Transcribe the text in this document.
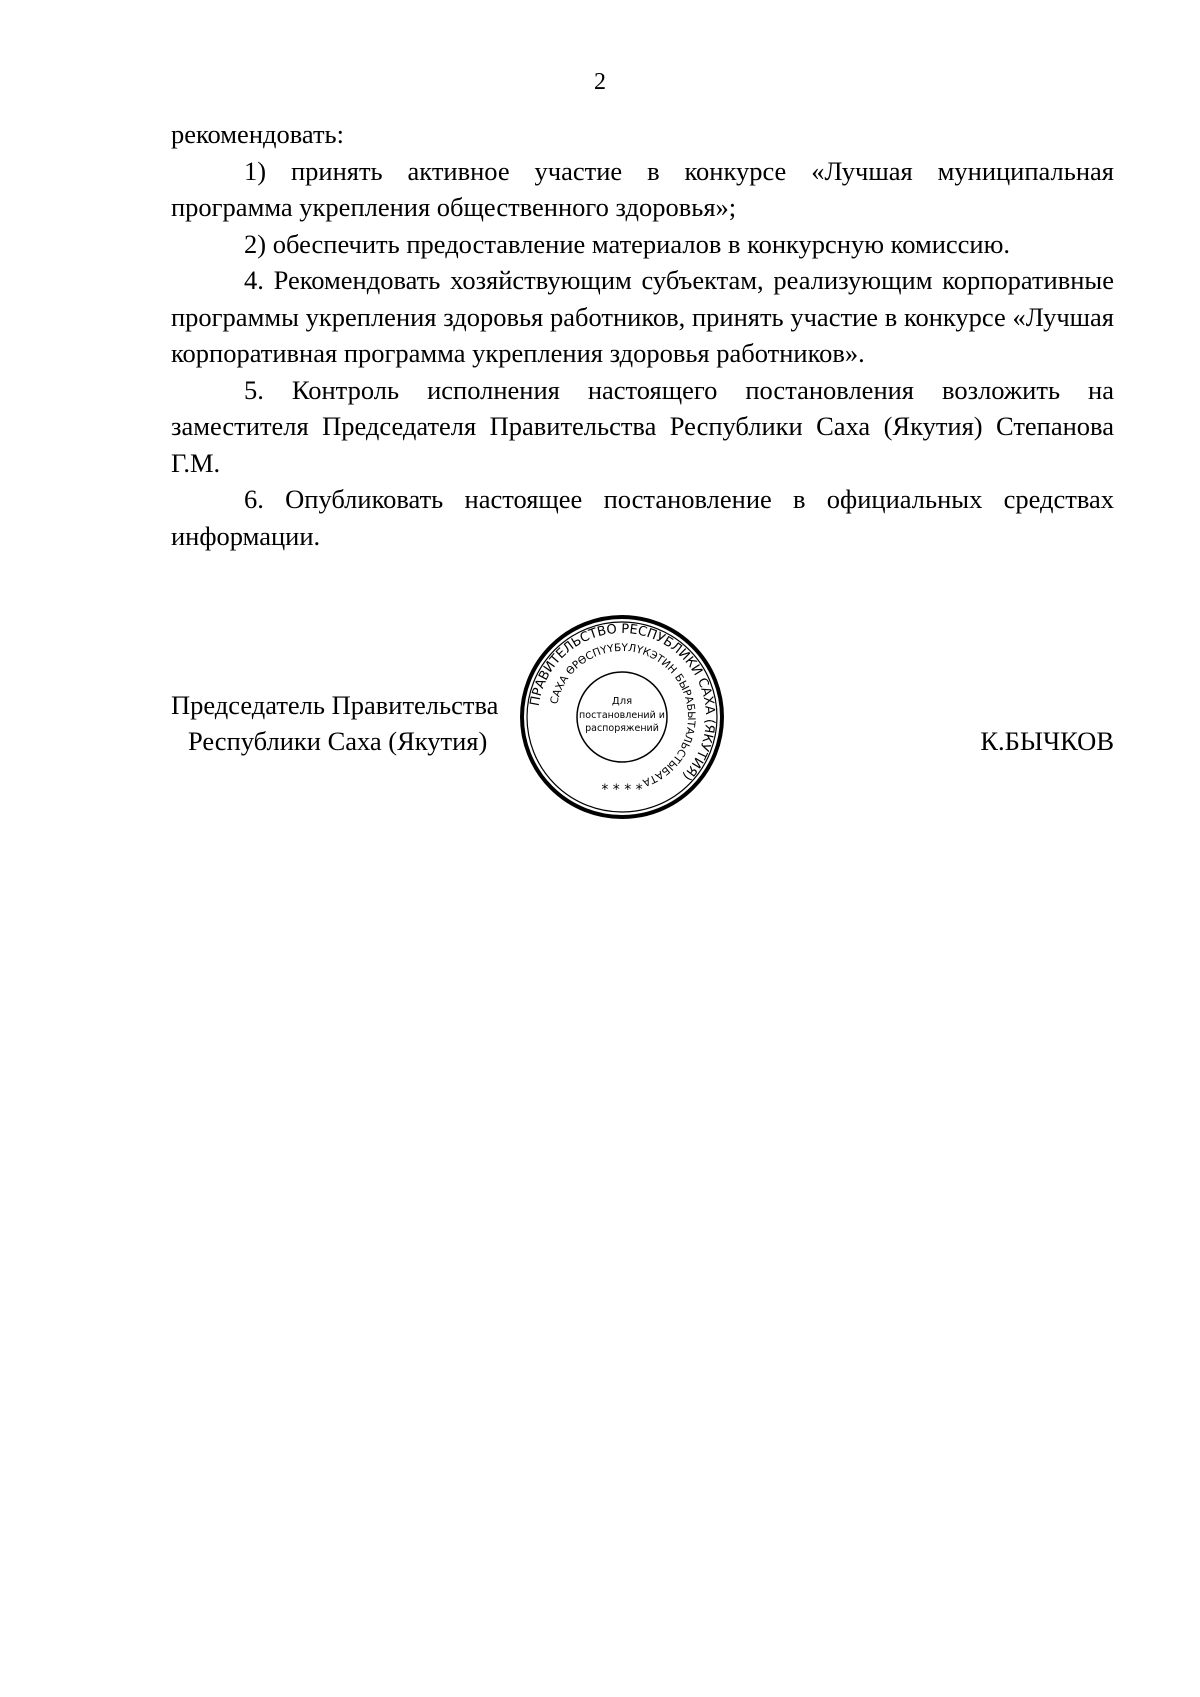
2

рекомендовать:

1) принять активное участие в конкурсе «Лучшая муниципальная программа укрепления общественного здоровья»;

2) обеспечить предоставление материалов в конкурсную комиссию.

4. Рекомендовать хозяйствующим субъектам, реализующим корпоративные программы укрепления здоровья работников, принять участие в конкурсе «Лучшая корпоративная программа укрепления здоровья работников».

5. Контроль исполнения настоящего постановления возложить на заместителя Председателя Правительства Республики Саха (Якутия) Степанова Г.М.

6. Опубликовать настоящее постановление в официальных средствах информации.

Председатель Правительства
Республики Саха (Якутия)
ПРАВИТЕЛЬСТВО РЕСПУБЛИКИ САХА (ЯКУТИЯ)
САХА ӨРӨСПҮҮБҮЛҮКЭТИН БЫРАБЫТАЛЬСТЫБАТА
Для
постановлений и
распоряжений
* * * *
К.БЫЧКОВ
